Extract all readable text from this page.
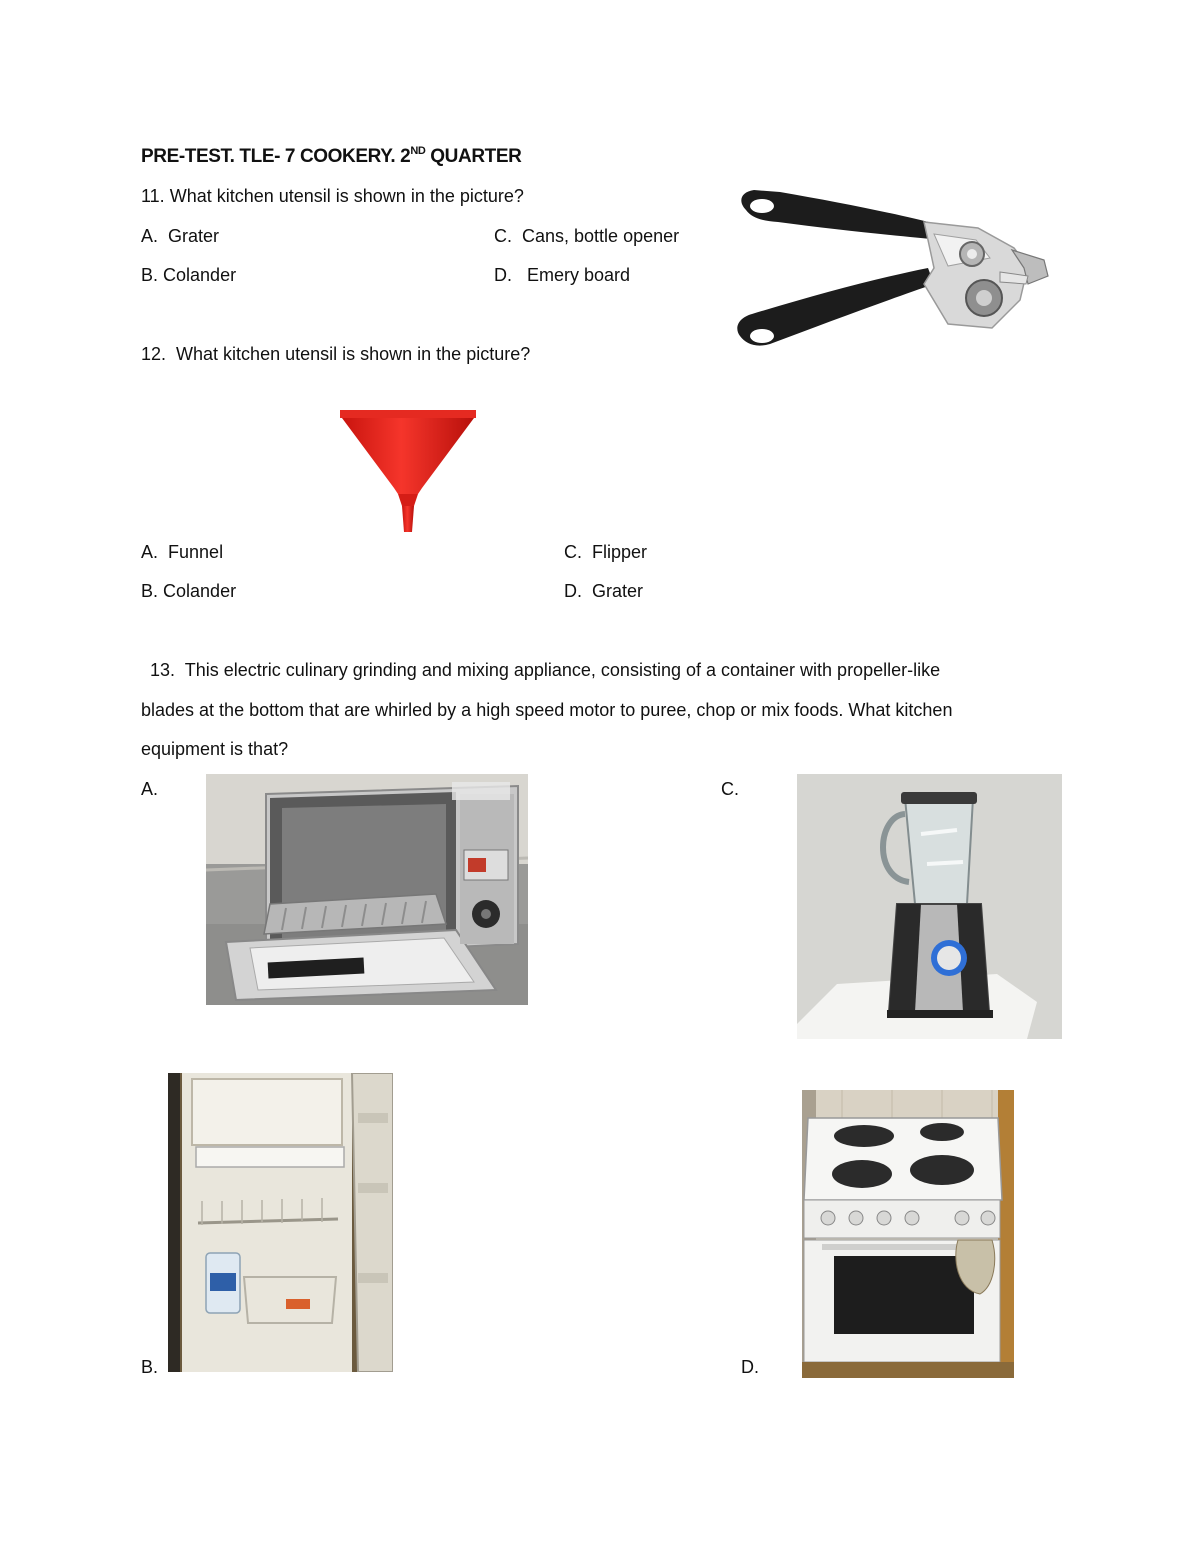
PRE-TEST. TLE- 7 COOKERY. 2ND QUARTER
11. What kitchen utensil is shown in the picture?
A. Grater
B. Colander
C. Cans, bottle opener
D. Emery board
12. What kitchen utensil is shown in the picture?
A. Funnel
B. Colander
C. Flipper
D. Grater
13. This electric culinary grinding and mixing appliance, consisting of a container with propeller-like
blades at the bottom that are whirled by a high speed motor to puree, chop or mix foods. What kitchen
equipment is that?
A.	C.
B.	D.
